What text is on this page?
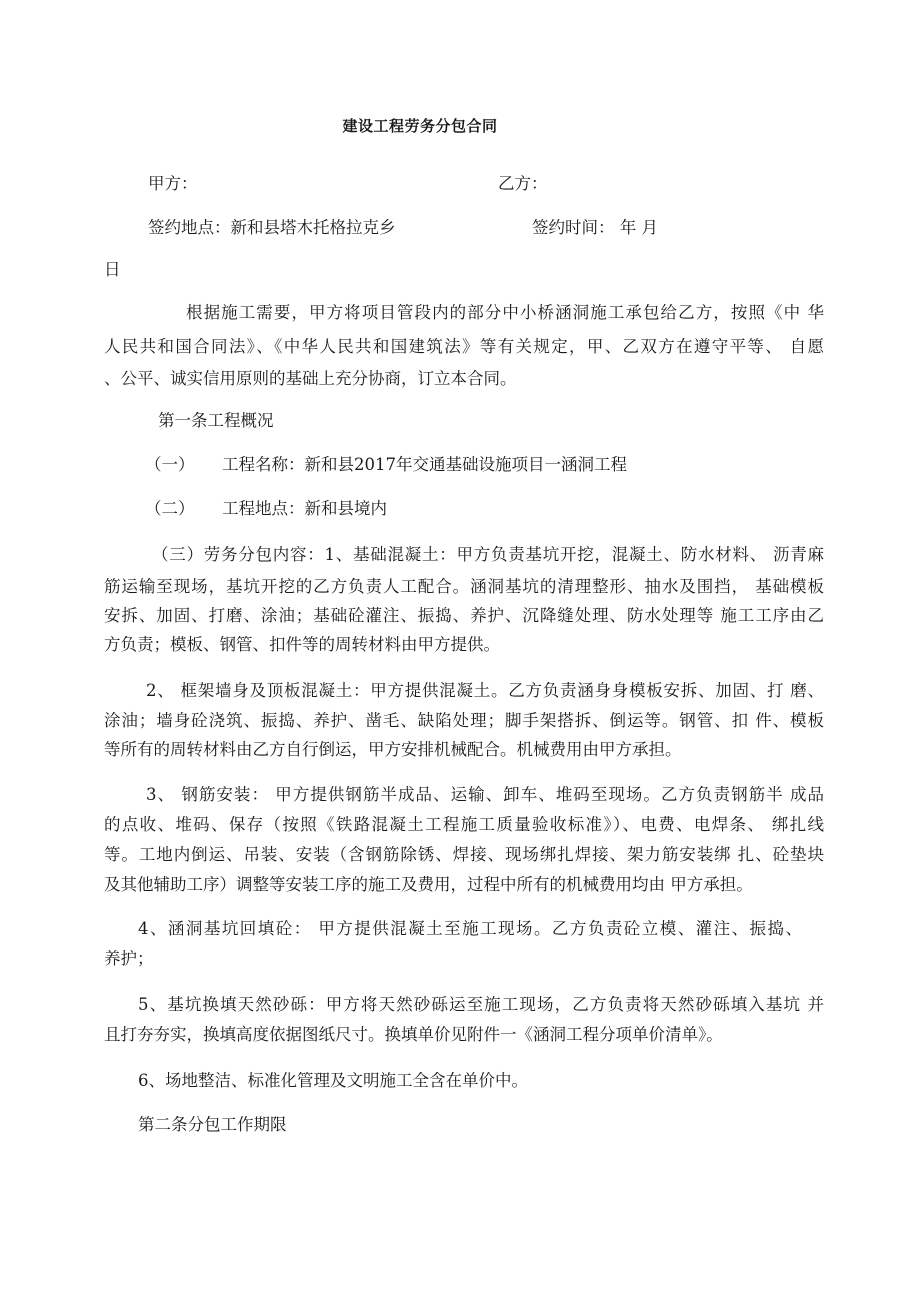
建设工程劳务分包合同
甲方：	乙方：
签约地点：新和县塔木托格拉克乡	签约时间： 年 月
日
根据施工需要，甲方将项目管段内的部分中小桥涵洞施工承包给乙方，按照《中 华
人民共和国合同法》、《中华人民共和国建筑法》等有关规定，甲、乙双方在遵守平等、 自愿
、公平、诚实信用原则的基础上充分协商，订立本合同。
第一条工程概况
（一） 工程名称：新和县2017年交通基础设施项目一涵洞工程
（二） 工程地点：新和县境内
（三）劳务分包内容：1、基础混凝土：甲方负责基坑开挖，混凝土、防水材料、 沥青麻
筋运输至现场，基坑开挖的乙方负责人工配合。涵洞基坑的清理整形、抽水及围挡， 基础模板
安拆、加固、打磨、涂油；基础砼灌注、振捣、养护、沉降缝处理、防水处理等 施工工序由乙
方负责；模板、钢管、扣件等的周转材料由甲方提供。
2、 框架墙身及顶板混凝土：甲方提供混凝土。乙方负责涵身身模板安拆、加固、打 磨、
涂油；墙身砼浇筑、振捣、养护、凿毛、缺陷处理；脚手架搭拆、倒运等。钢管、扣 件、模板
等所有的周转材料由乙方自行倒运，甲方安排机械配合。机械费用由甲方承担。
3、 钢筋安装： 甲方提供钢筋半成品、运输、卸车、堆码至现场。乙方负责钢筋半 成品
的点收、堆码、保存（按照《铁路混凝土工程施工质量验收标准》）、电费、电焊条、 绑扎线
等。工地内倒运、吊装、安装（含钢筋除锈、焊接、现场绑扎焊接、架力筋安装绑 扎、砼垫块
及其他辅助工序）调整等安装工序的施工及费用，过程中所有的机械费用均由 甲方承担。
4、涵洞基坑回填砼： 甲方提供混凝土至施工现场。乙方负责砼立模、灌注、振捣、
养护；
5、基坑换填天然砂砾：甲方将天然砂砾运至施工现场，乙方负责将天然砂砾填入基坑 并
且打夯夯实，换填高度依据图纸尺寸。换填单价见附件一《涵洞工程分项单价清单》。
6、场地整洁、标准化管理及文明施工全含在单价中。
第二条分包工作期限
